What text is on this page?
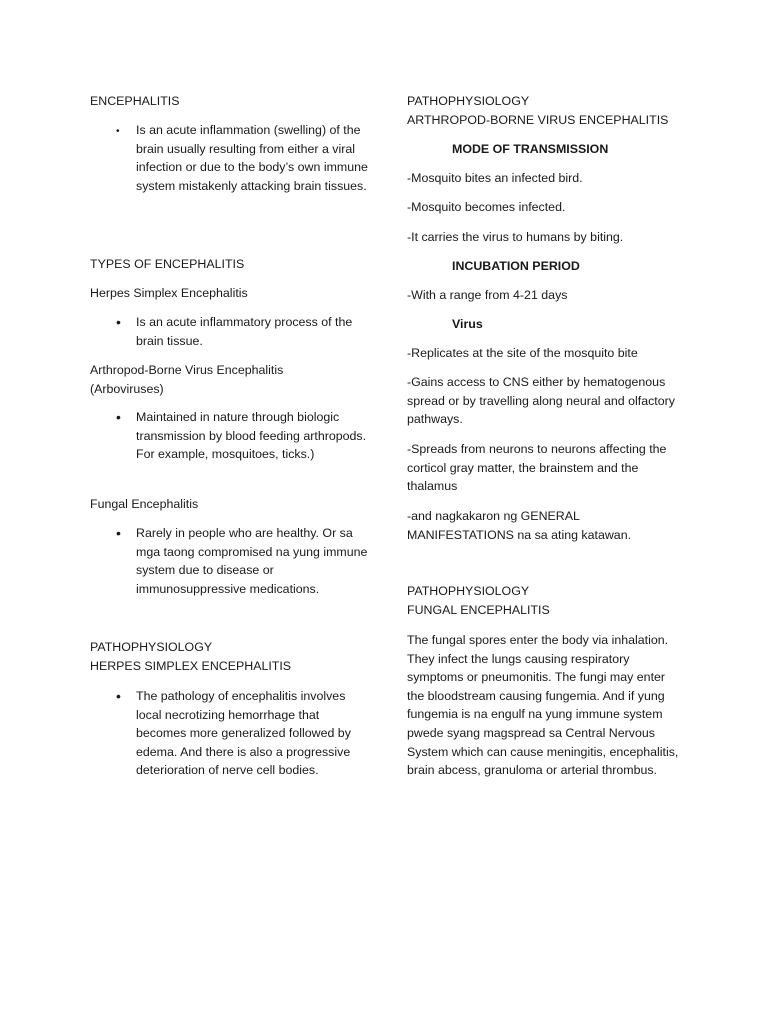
ENCEPHALITIS
• Is an acute inflammation (swelling) of the brain usually resulting from either a viral infection or due to the body’s own immune system mistakenly attacking brain tissues.
TYPES OF ENCEPHALITIS
Herpes Simplex Encephalitis
• Is an acute inflammatory process of the brain tissue.
Arthropod-Borne Virus Encephalitis (Arboviruses)
• Maintained in nature through biologic transmission by blood feeding arthropods. For example, mosquitoes, ticks.)
Fungal Encephalitis
• Rarely in people who are healthy. Or sa mga taong compromised na yung immune system due to disease or immunosuppressive medications.
PATHOPHYSIOLOGY
HERPES SIMPLEX ENCEPHALITIS
• The pathology of encephalitis involves local necrotizing hemorrhage that becomes more generalized followed by edema. And there is also a progressive deterioration of nerve cell bodies.
PATHOPHYSIOLOGY
ARTHROPOD-BORNE VIRUS ENCEPHALITIS
MODE OF TRANSMISSION
-Mosquito bites an infected bird.
-Mosquito becomes infected.
-It carries the virus to humans by biting.
INCUBATION PERIOD
-With a range from 4-21 days
Virus
-Replicates at the site of the mosquito bite
-Gains access to CNS either by hematogenous spread or by travelling along neural and olfactory pathways.
-Spreads from neurons to neurons affecting the corticol gray matter, the brainstem and the thalamus
-and nagkakaron ng GENERAL MANIFESTATIONS na sa ating katawan.
PATHOPHYSIOLOGY
FUNGAL ENCEPHALITIS
The fungal spores enter the body via inhalation. They infect the lungs causing respiratory symptoms or pneumonitis. The fungi may enter the bloodstream causing fungemia. And if yung fungemia is na engulf na yung immune system pwede syang magspread sa Central Nervous System which can cause meningitis, encephalitis, brain abcess, granuloma or arterial thrombus.
